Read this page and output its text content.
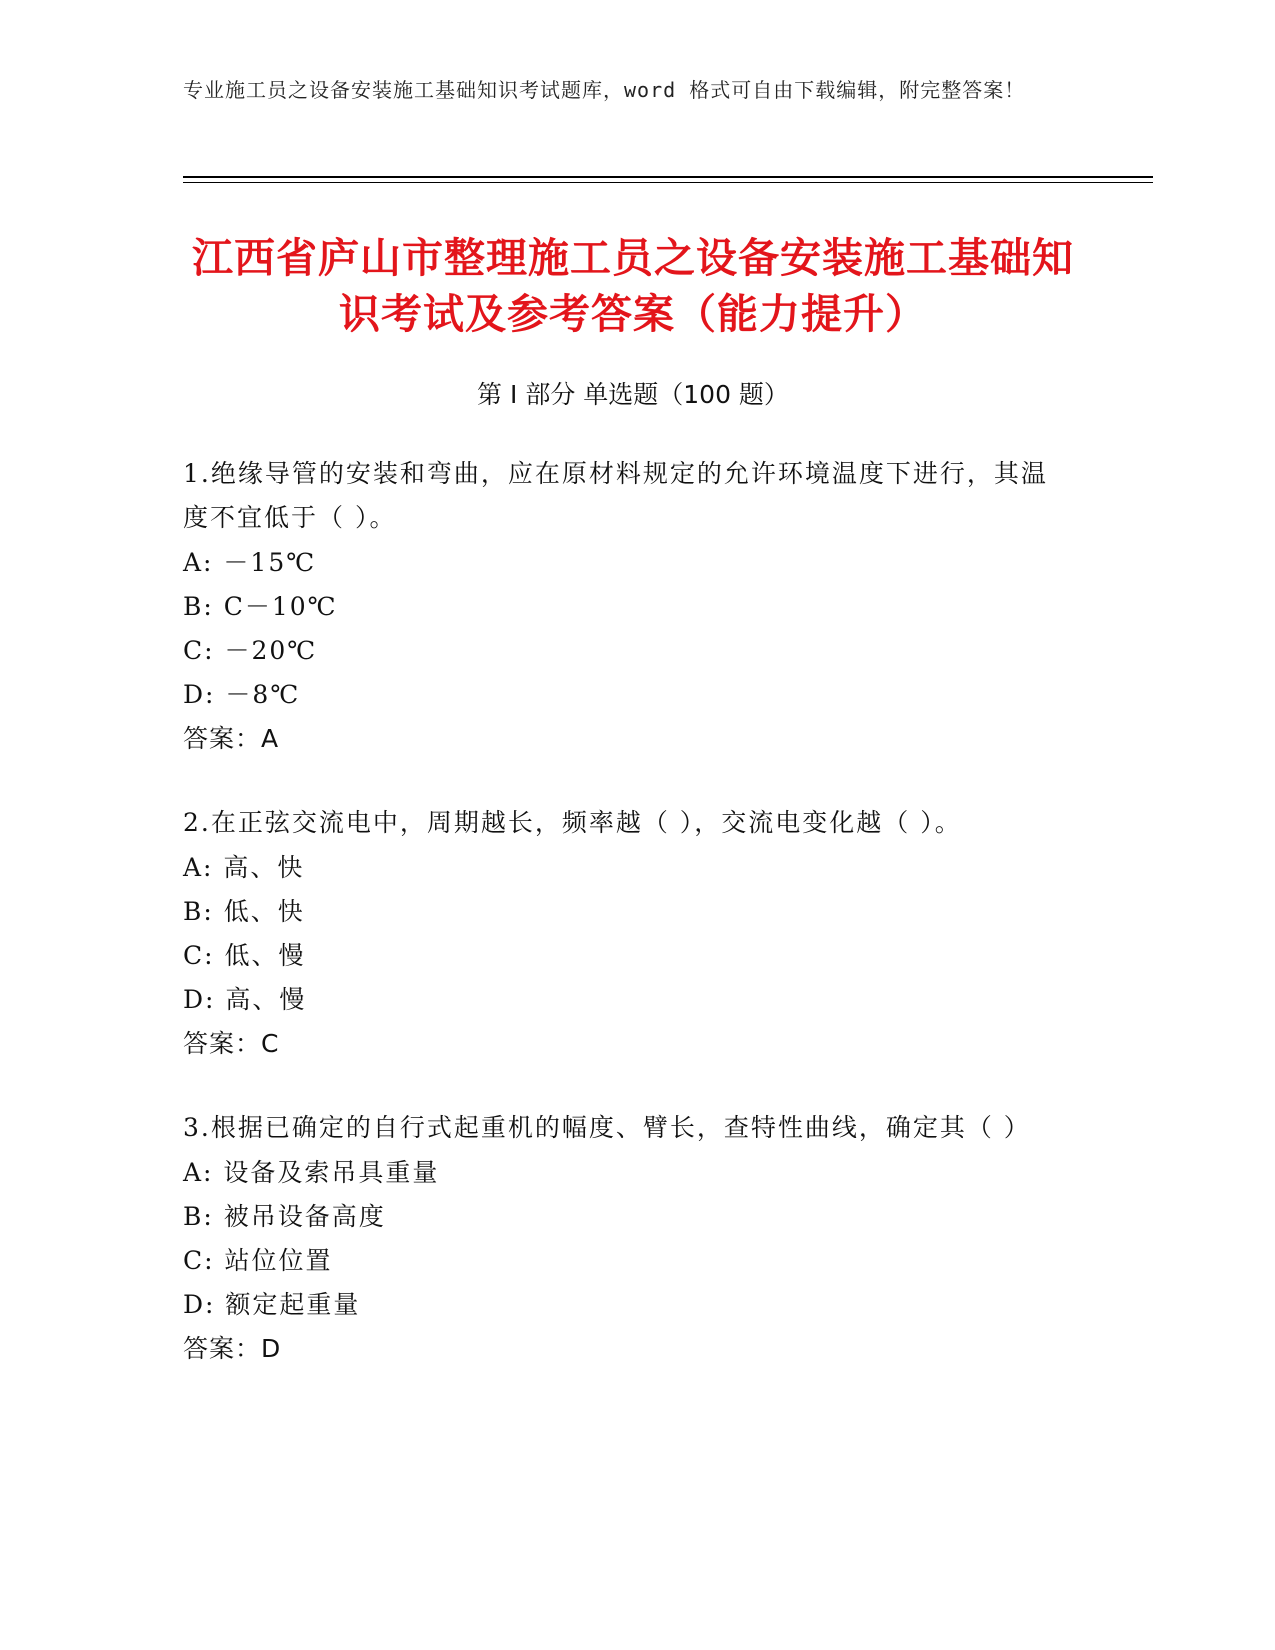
专业施工员之设备安装施工基础知识考试题库，word 格式可自由下载编辑，附完整答案！
江西省庐山市整理施工员之设备安装施工基础知识考试及参考答案（能力提升）
第 I 部分 单选题（100 题）
1.绝缘导管的安装和弯曲，应在原材料规定的允许环境温度下进行，其温度不宜低于（ ）。
A: －15℃
B: C－10℃
C: －20℃
D: －8℃
答案：A
2.在正弦交流电中，周期越长，频率越（ ），交流电变化越（ ）。
A: 高、快
B: 低、快
C: 低、慢
D: 高、慢
答案：C
3.根据已确定的自行式起重机的幅度、臂长，查特性曲线，确定其（ ）
A: 设备及索吊具重量
B: 被吊设备高度
C: 站位位置
D: 额定起重量
答案：D
